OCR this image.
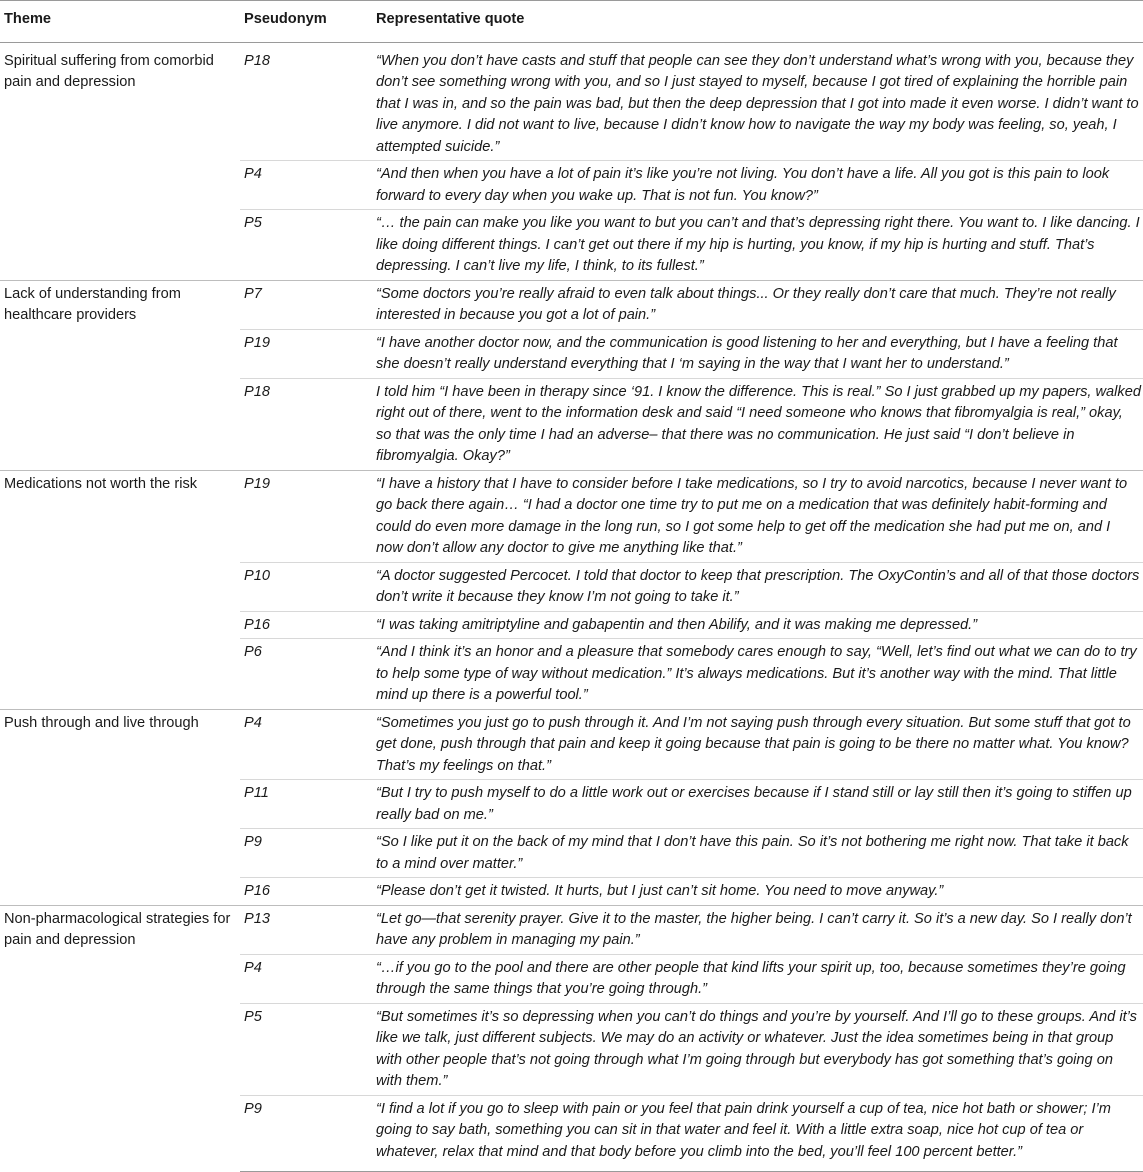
Theme	Pseudonym	Representative quote
Spiritual suffering from comorbid pain and depression	P18	“When you don’t have casts and stuff that people can see they don’t understand what’s wrong with you, because they don’t see something wrong with you, and so I just stayed to myself, because I got tired of explaining the horrible pain that I was in, and so the pain was bad, but then the deep depression that I got into made it even worse. I didn’t want to live anymore. I did not want to live, because I didn’t know how to navigate the way my body was feeling, so, yeah, I attempted suicide.”
	P4	“And then when you have a lot of pain it’s like you’re not living. You don’t have a life. All you got is this pain to look forward to every day when you wake up. That is not fun. You know?”
	P5	“… the pain can make you like you want to but you can’t and that’s depressing right there. You want to. I like dancing. I like doing different things. I can’t get out there if my hip is hurting, you know, if my hip is hurting and stuff. That’s depressing. I can’t live my life, I think, to its fullest.”
Lack of understanding from healthcare providers	P7	“Some doctors you’re really afraid to even talk about things... Or they really don’t care that much. They’re not really interested in because you got a lot of pain.”
	P19	“I have another doctor now, and the communication is good listening to her and everything, but I have a feeling that she doesn’t really understand everything that I ‘m saying in the way that I want her to understand.”
	P18	I told him “I have been in therapy since ‘91. I know the difference. This is real.” So I just grabbed up my papers, walked right out of there, went to the information desk and said “I need someone who knows that fibromyalgia is real,” okay, so that was the only time I had an adverse– that there was no communication. He just said “I don’t believe in fibromyalgia. Okay?”
Medications not worth the risk	P19	“I have a history that I have to consider before I take medications, so I try to avoid narcotics, because I never want to go back there again… “I had a doctor one time try to put me on a medication that was definitely habit-forming and could do even more damage in the long run, so I got some help to get off the medication she had put me on, and I now don’t allow any doctor to give me anything like that.”
	P10	“A doctor suggested Percocet. I told that doctor to keep that prescription. The OxyContin’s and all of that those doctors don’t write it because they know I’m not going to take it.”
	P16	“I was taking amitriptyline and gabapentin and then Abilify, and it was making me depressed.”
	P6	“And I think it’s an honor and a pleasure that somebody cares enough to say, “Well, let’s find out what we can do to try to help some type of way without medication.” It’s always medications. But it’s another way with the mind. That little mind up there is a powerful tool.”
Push through and live through	P4	“Sometimes you just go to push through it. And I’m not saying push through every situation. But some stuff that got to get done, push through that pain and keep it going because that pain is going to be there no matter what. You know? That’s my feelings on that.”
	P11	“But I try to push myself to do a little work out or exercises because if I stand still or lay still then it’s going to stiffen up really bad on me.”
	P9	“So I like put it on the back of my mind that I don’t have this pain. So it’s not bothering me right now. That take it back to a mind over matter.”
	P16	“Please don’t get it twisted. It hurts, but I just can’t sit home. You need to move anyway.”
Non-pharmacological strategies for pain and depression	P13	“Let go—that serenity prayer. Give it to the master, the higher being. I can’t carry it. So it’s a new day. So I really don’t have any problem in managing my pain.”
	P4	“…if you go to the pool and there are other people that kind lifts your spirit up, too, because sometimes they’re going through the same things that you’re going through.”
	P5	“But sometimes it’s so depressing when you can’t do things and you’re by yourself. And I’ll go to these groups. And it’s like we talk, just different subjects. We may do an activity or whatever. Just the idea sometimes being in that group with other people that’s not going through what I’m going through but everybody has got something that’s going on with them.”
	P9	“I find a lot if you go to sleep with pain or you feel that pain drink yourself a cup of tea, nice hot bath or shower; I’m going to say bath, something you can sit in that water and feel it. With a little extra soap, nice hot cup of tea or whatever, relax that mind and that body before you climb into the bed, you’ll feel 100 percent better.”
